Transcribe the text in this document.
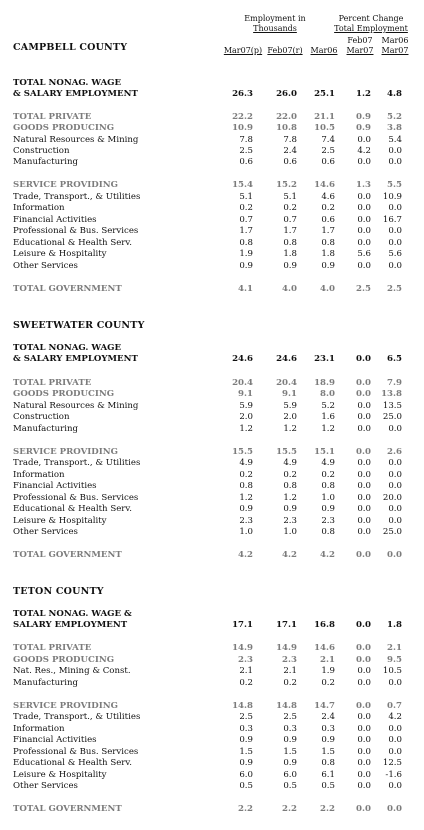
Employment in
Thousands
Percent Change
Total Employment
Feb07	Mar06
Mar07(p) Feb07(r) Mar06	Mar07	Mar07
CAMPBELL COUNTY
TOTAL NONAG. WAGE
& SALARY EMPLOYMENT	26.3	26.0	25.1	1.2	4.8
TOTAL PRIVATE	22.2	22.0	21.1	0.9	5.2
GOODS PRODUCING	10.9	10.8	10.5	0.9	3.8
Natural Resources & Mining	7.8	7.8	7.4	0.0	5.4
Construction	2.5	2.4	2.5	4.2	0.0
Manufacturing	0.6	0.6	0.6	0.0	0.0
SERVICE PROVIDING	15.4	15.2	14.6	1.3	5.5
Trade, Transport., & Utilities	5.1	5.1	4.6	0.0	10.9
Information	0.2	0.2	0.2	0.0	0.0
Financial Activities	0.7	0.7	0.6	0.0	16.7
Professional & Bus. Services	1.7	1.7	1.7	0.0	0.0
Educational & Health Serv.	0.8	0.8	0.8	0.0	0.0
Leisure & Hospitality	1.9	1.8	1.8	5.6	5.6
Other Services	0.9	0.9	0.9	0.0	0.0
TOTAL GOVERNMENT	4.1	4.0	4.0	2.5	2.5
SWEETWATER COUNTY
TOTAL NONAG. WAGE
& SALARY EMPLOYMENT	24.6	24.6	23.1	0.0	6.5
TOTAL PRIVATE	20.4	20.4	18.9	0.0	7.9
GOODS PRODUCING	9.1	9.1	8.0	0.0	13.8
Natural Resources & Mining	5.9	5.9	5.2	0.0	13.5
Construction	2.0	2.0	1.6	0.0	25.0
Manufacturing	1.2	1.2	1.2	0.0	0.0
SERVICE PROVIDING	15.5	15.5	15.1	0.0	2.6
Trade, Transport., & Utilities	4.9	4.9	4.9	0.0	0.0
Information	0.2	0.2	0.2	0.0	0.0
Financial Activities	0.8	0.8	0.8	0.0	0.0
Professional & Bus. Services	1.2	1.2	1.0	0.0	20.0
Educational & Health Serv.	0.9	0.9	0.9	0.0	0.0
Leisure & Hospitality	2.3	2.3	2.3	0.0	0.0
Other Services	1.0	1.0	0.8	0.0	25.0
TOTAL GOVERNMENT	4.2	4.2	4.2	0.0	0.0
TETON COUNTY
TOTAL NONAG. WAGE &
SALARY EMPLOYMENT	17.1	17.1	16.8	0.0	1.8
TOTAL PRIVATE	14.9	14.9	14.6	0.0	2.1
GOODS PRODUCING	2.3	2.3	2.1	0.0	9.5
Nat. Res., Mining & Const.	2.1	2.1	1.9	0.0	10.5
Manufacturing	0.2	0.2	0.2	0.0	0.0
SERVICE PROVIDING	14.8	14.8	14.7	0.0	0.7
Trade, Transport., & Utilities	2.5	2.5	2.4	0.0	4.2
Information	0.3	0.3	0.3	0.0	0.0
Financial Activities	0.9	0.9	0.9	0.0	0.0
Professional & Bus. Services	1.5	1.5	1.5	0.0	0.0
Educational & Health Serv.	0.9	0.9	0.8	0.0	12.5
Leisure & Hospitality	6.0	6.0	6.1	0.0	-1.6
Other Services	0.5	0.5	0.5	0.0	0.0
TOTAL GOVERNMENT	2.2	2.2	2.2	0.0	0.0
